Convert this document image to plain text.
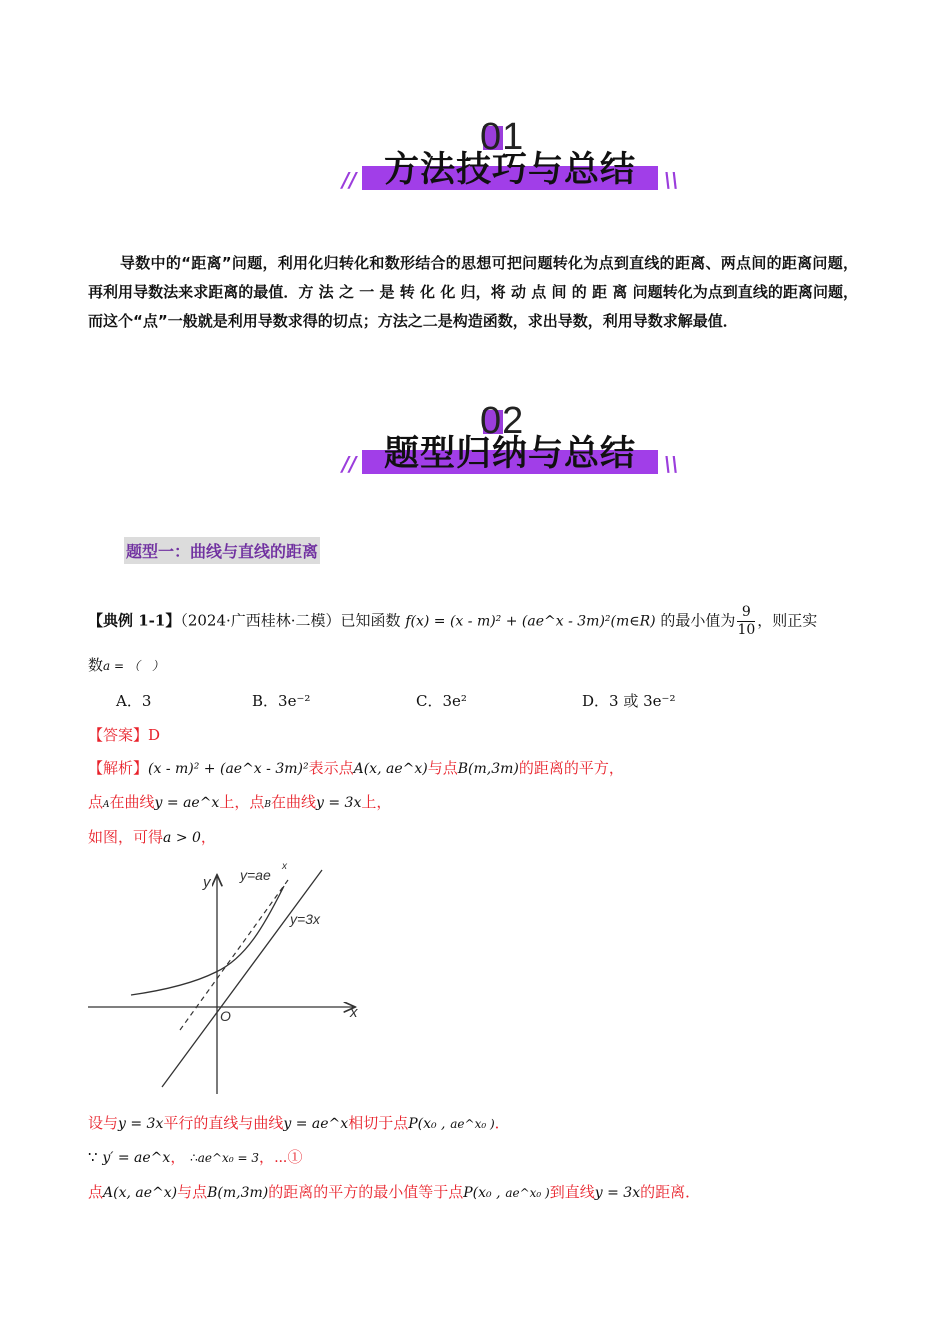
01
//	\\
方法技巧与总结
导数中的“距离”问题，利用化归转化和数形结合的思想可把问题转化为点到直线的距离、两点间的距离问题，再利用导数法来求距离的最值．方 法 之 一 是 转 化 化 归，将 动 点 间 的 距 离 问题转化为点到直线的距离问题，而这个“点”一般就是利用导数求得的切点；方法之二是构造函数，求出导数，利用导数求解最值．
02
//	\\
题型归纳与总结
题型一：曲线与直线的距离
【典例 1-1】（2024·广西桂林·二模）已知函数 f(x) = (x - m)² + (ae^x - 3m)²(m∈R) 的最小值为 $\frac{9}{10}$ ，则正实
数a = （　）
A．3	B．3e⁻²	C．3e²	D．3 或 3e⁻²
【答案】D
【解析】(x - m)² + (ae^x - 3m)²表示点A(x, ae^x)与点B(m,3m)的距离的平方，
点A在曲线y = ae^x上，点B在曲线y = 3x上，
如图，可得a > 0，
y
x
O
y=ae
x
y=3x
设与y = 3x平行的直线与曲线y = ae^x相切于点P(x₀ , ae^x₀ )．
∵ y′ = ae^x， ∴ae^x₀ = 3，⋯①
点A(x, ae^x)与点B(m,3m)的距离的平方的最小值等于点P(x₀ , ae^x₀ )到直线y = 3x的距离．
